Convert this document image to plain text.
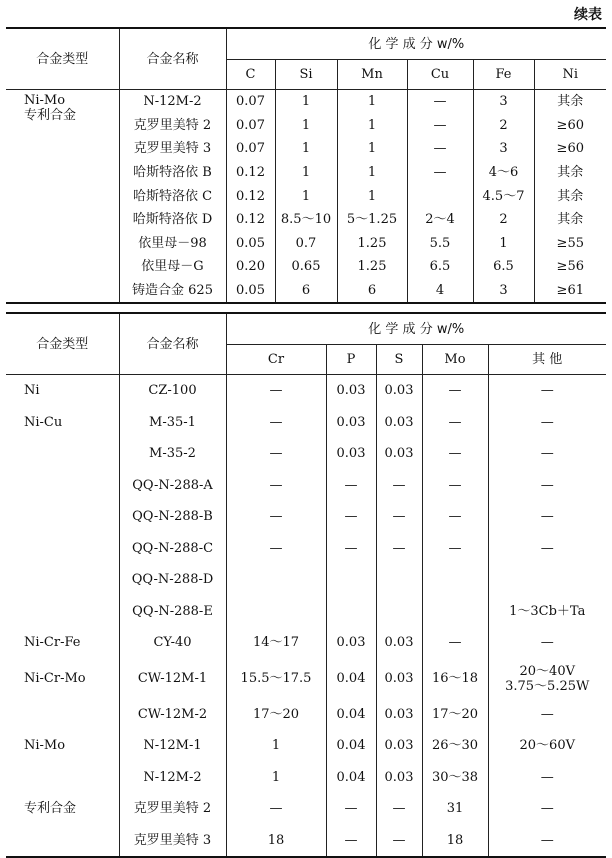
续表
合金类型	合金名称	化 学 成 分 w/%					
		C	Si	Mn	Cu	Fe	Ni

Ni-Mo
专利合金	N-12M-2	0.07	1	1	—	3	其余
	克罗里美特 2	0.07	1	1	—	2	≥60
	克罗里美特 3	0.07	1	1	—	3	≥60
	哈斯特洛依 B	0.12	1	1	—	4～6	其余
	哈斯特洛依 C	0.12	1	1		4.5～7	其余
	哈斯特洛依 D	0.12	8.5～10	5～1.25	2～4	2	其余
	依里母－98	0.05	0.7	1.25	5.5	1	≥55
	依里母－G	0.20	0.65	1.25	6.5	6.5	≥56
	铸造合金 625	0.05	6	6	4	3	≥61
合金类型	合金名称	化 学 成 分 w/%				
		Cr	P	S	Mo	其 他
Ni	CZ-100	—	0.03	0.03	—	—
Ni-Cu	M-35-1	—	0.03	0.03	—	—
	M-35-2	—	0.03	0.03	—	—
	QQ-N-288-A	—	—	—	—	—
	QQ-N-288-B	—	—	—	—	—
	QQ-N-288-C	—	—	—	—	—
	QQ-N-288-D					
	QQ-N-288-E					1～3Cb＋Ta
Ni-Cr-Fe	CY-40	14～17	0.03	0.03	—	—
Ni-Cr-Mo	CW-12M-1	15.5～17.5	0.04	0.03	16～18	20～40V
3.75～5.25W

	CW-12M-2	17～20	0.04	0.03	17～20	—
Ni-Mo	N-12M-1	1	0.04	0.03	26～30	20～60V
	N-12M-2	1	0.04	0.03	30～38	—
专利合金	克罗里美特 2	—	—	—	31	—
	克罗里美特 3	18	—	—	18	—
